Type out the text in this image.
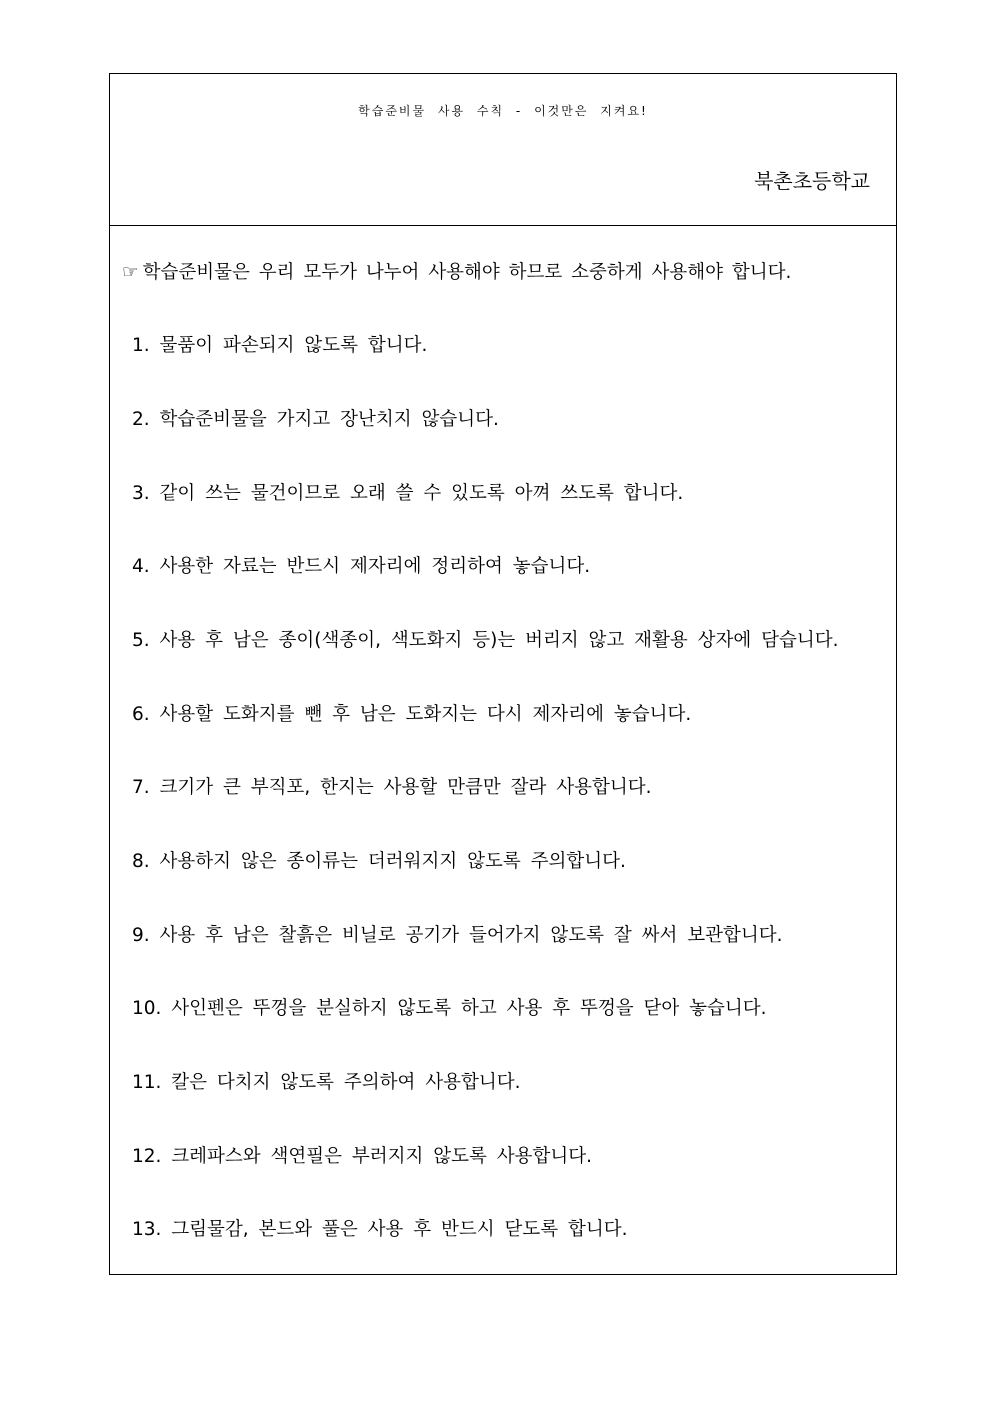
학습준비물 사용 수칙 - 이것만은 지켜요!
북촌초등학교
☞ 학습준비물은 우리 모두가 나누어 사용해야 하므로 소중하게 사용해야 합니다.
1. 물품이 파손되지 않도록 합니다.
2. 학습준비물을 가지고 장난치지 않습니다.
3. 같이 쓰는 물건이므로 오래 쓸 수 있도록 아껴 쓰도록 합니다.
4. 사용한 자료는 반드시 제자리에 정리하여 놓습니다.
5. 사용 후 남은 종이(색종이, 색도화지 등)는 버리지 않고 재활용 상자에 담습니다.
6. 사용할 도화지를 뺀 후 남은 도화지는 다시 제자리에 놓습니다.
7. 크기가 큰 부직포, 한지는 사용할 만큼만 잘라 사용합니다.
8. 사용하지 않은 종이류는 더러워지지 않도록 주의합니다.
9. 사용 후 남은 찰흙은 비닐로 공기가 들어가지 않도록 잘 싸서 보관합니다.
10. 사인펜은 뚜껑을 분실하지 않도록 하고 사용 후 뚜껑을 닫아 놓습니다.
11. 칼은 다치지 않도록 주의하여 사용합니다.
12. 크레파스와 색연필은 부러지지 않도록 사용합니다.
13. 그림물감, 본드와 풀은 사용 후 반드시 닫도록 합니다.
